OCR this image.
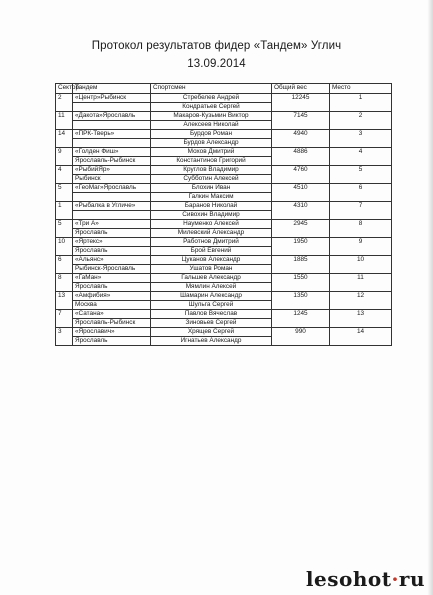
Протокол результатов фидер «Тандем» Углич
13.09.2014
Сектор	Тандем	Спортсмен	Общий вес	Место
2	«Центр»Рыбинск	Стребелев Андрей	12245	1
		Кондратьев Сергей		
11	«Дакота»Ярославль	Макаров-Кузьмин Виктор	7145	2
		Алексеев Николай		
14	«ПРК-Тверь»	Бурдов Роман	4940	3
		Бурдов Александр		
9	«Голден Фиш»	Мохов Дмитрий	4886	4
	Ярославль-Рыбинск	Константинов Григорий		
4	«РыбийЯр»	Круглов Владимир	4760	5
	Рыбинск	Субботин Алексей		
5	«ГеоМаг»Ярославль	Блохин Иван	4510	6
		Галкин Максим		
1	«Рыбалка в Угличе»	Баранов Николай	4310	7
		Сивохин Владимир		
5	«Три А»	Науменко Алексей	2945	8
	Ярославль	Милевский Александр		
10	«Яртекс»	Работнов Дмитрий	1950	9
	Ярославль	Брой Евгений		
6	«Альянс»	Цуканов Александр	1885	10
	Рыбинск-Ярославль	Ушатов Роман		
8	«ГаМан»	Гальшев Александр	1550	11
	Ярославль	Мямлин Алексей		
13	«Амфибия»	Шамарин Александр	1350	12
	Москва	Шульга Сергей		
7	«Сатана»	Павлов Вячеслав	1245	13
	Ярославль-Рыбинск	Зиновьев Сергей		
3	«Ярославич»	Хрящев Сергей	990	14
	Ярославль	Игнатьев Александр		
lesohot·ru
